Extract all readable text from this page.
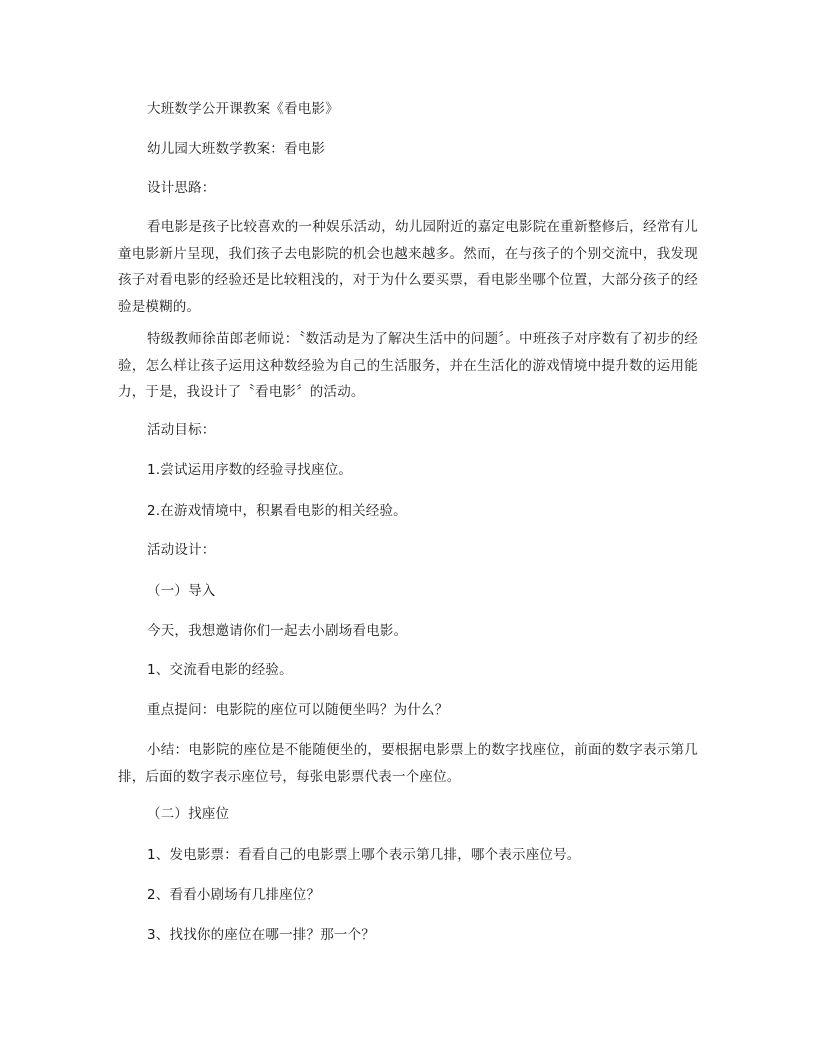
大班数学公开课教案《看电影》

幼儿园大班数学教案：看电影

设计思路：

看电影是孩子比较喜欢的一种娱乐活动，幼儿园附近的嘉定电影院在重新整修后，经常有儿童电影新片呈现，我们孩子去电影院的机会也越来越多。然而，在与孩子的个别交流中，我发现孩子对看电影的经验还是比较粗浅的，对于为什么要买票，看电影坐哪个位置，大部分孩子的经验是模糊的。

特级教师徐苗郎老师说：〝数活动是为了解决生活中的问题〞。中班孩子对序数有了初步的经验，怎么样让孩子运用这种数经验为自己的生活服务，并在生活化的游戏情境中提升数的运用能力，于是，我设计了〝看电影〞的活动。

活动目标：

1.尝试运用序数的经验寻找座位。

2.在游戏情境中，积累看电影的相关经验。

活动设计：

（一）导入

今天，我想邀请你们一起去小剧场看电影。

1、交流看电影的经验。

重点提问：电影院的座位可以随便坐吗？为什么？

小结：电影院的座位是不能随便坐的，要根据电影票上的数字找座位，前面的数字表示第几排，后面的数字表示座位号，每张电影票代表一个座位。

（二）找座位

1、发电影票：看看自己的电影票上哪个表示第几排，哪个表示座位号。

2、看看小剧场有几排座位？

3、找找你的座位在哪一排？那一个？
